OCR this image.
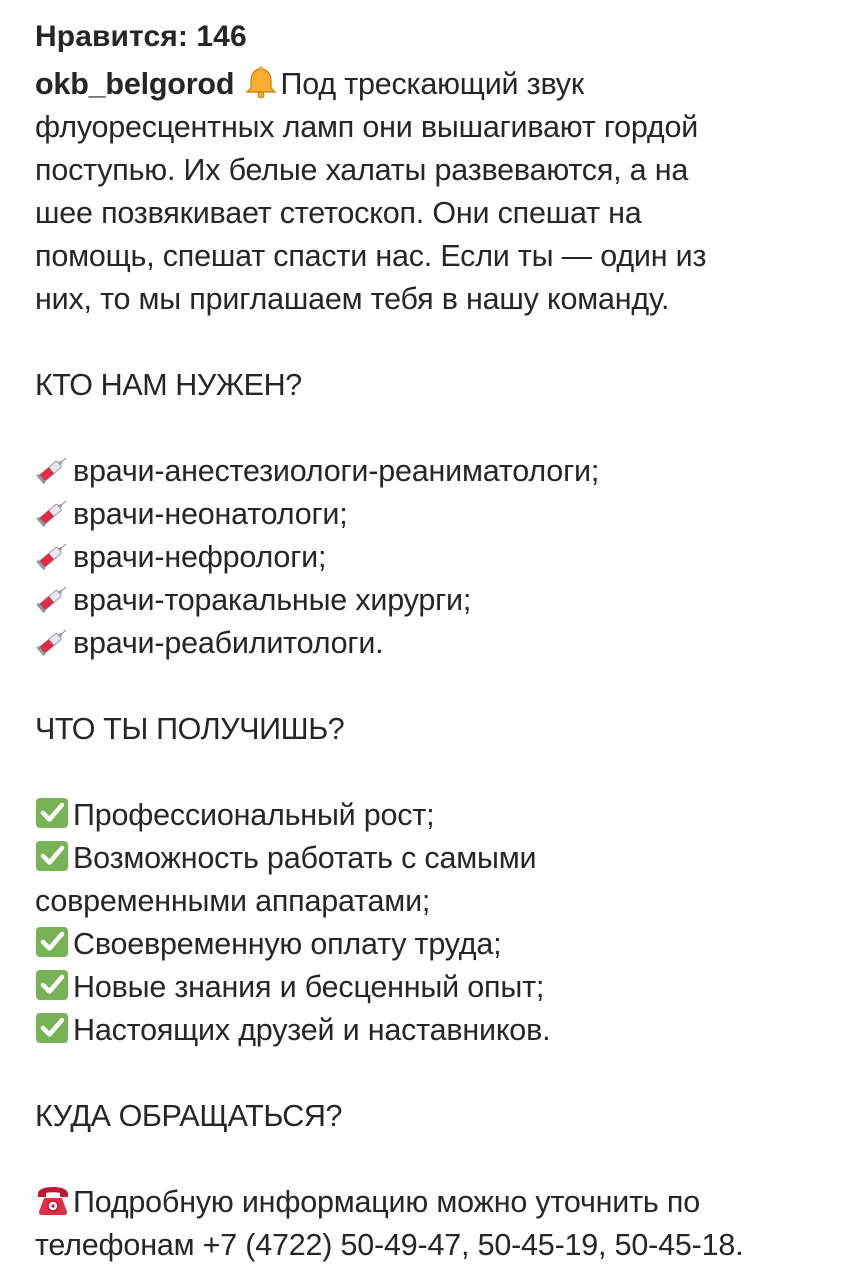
Нравится: 146
okb_belgorod Под трескающий звук
флуоресцентных ламп они вышагивают гордой
поступью. Их белые халаты развеваются, а на
шее позвякивает стетоскоп. Они спешат на
помощь, спешат спасти нас. Если ты — один из
них, то мы приглашаем тебя в нашу команду.
КТО НАМ НУЖЕН?
врачи-анестезиологи-реаниматологи;
врачи-неонатологи;
врачи-нефрологи;
врачи-торакальные хирурги;
врачи-реабилитологи.
ЧТО ТЫ ПОЛУЧИШЬ?
Профессиональный рост;
Возможность работать с самыми
современными аппаратами;
Своевременную оплату труда;
Новые знания и бесценный опыт;
Настоящих друзей и наставников.
КУДА ОБРАЩАТЬСЯ?
Подробную информацию можно уточнить по
телефонам +7 (4722) 50-49-47, 50-45-19, 50-45-18.
